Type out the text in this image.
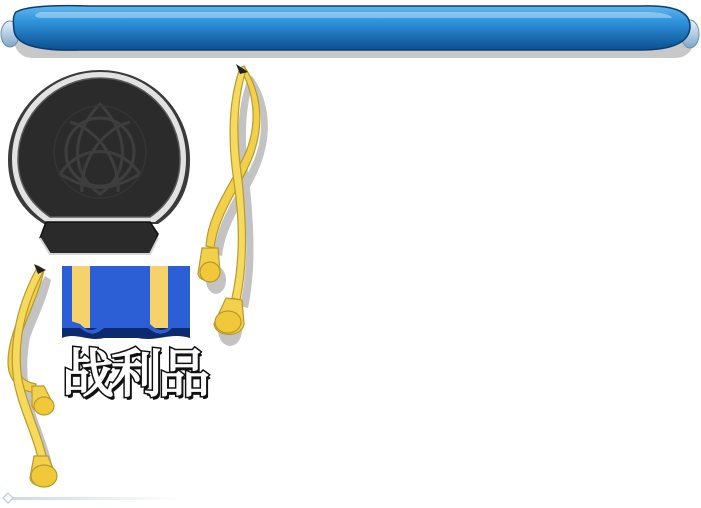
战利品
